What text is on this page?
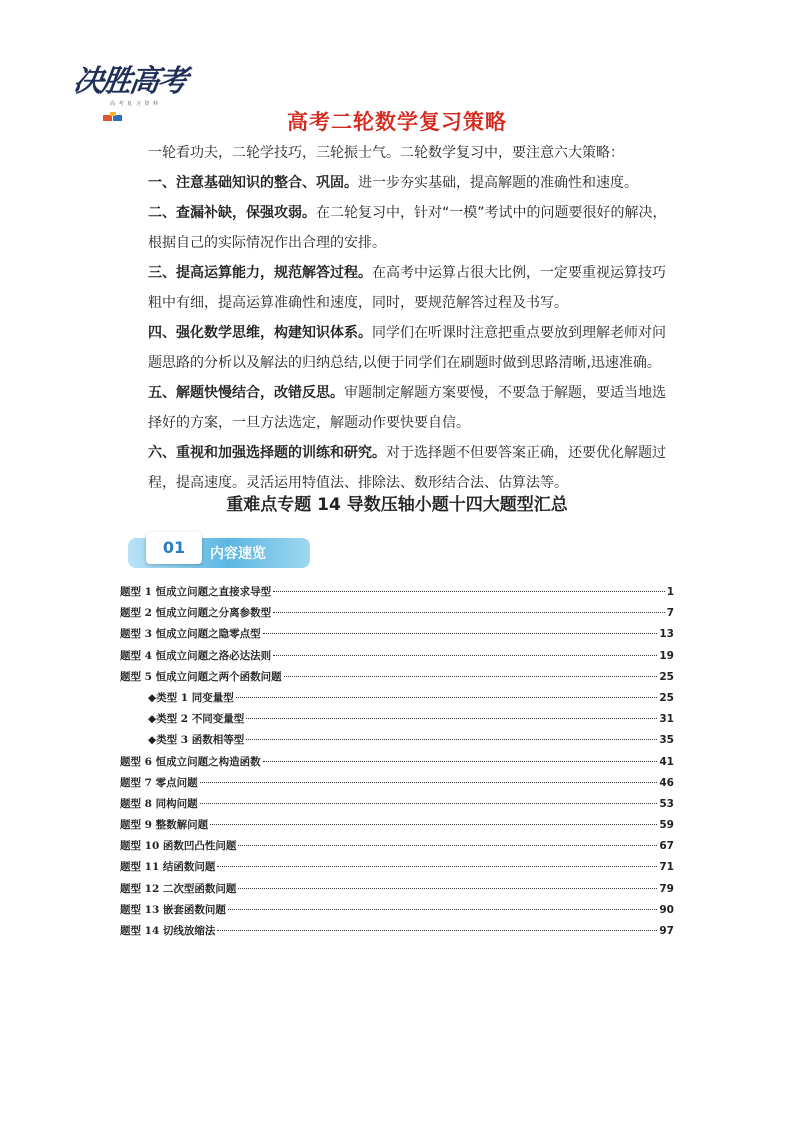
决胜高考
高 考 复 习 资 料
高考二轮数学复习策略
一轮看功夫，二轮学技巧，三轮振士气。二轮数学复习中，要注意六大策略：
一、注意基础知识的整合、巩固。进一步夯实基础，提高解题的准确性和速度。
二、查漏补缺，保强攻弱。在二轮复习中，针对“一模”考试中的问题要很好的解决，根据自己的实际情况作出合理的安排。
三、提高运算能力，规范解答过程。在高考中运算占很大比例，一定要重视运算技巧粗中有细，提高运算准确性和速度，同时，要规范解答过程及书写。
四、强化数学思维，构建知识体系。同学们在听课时注意把重点要放到理解老师对问题思路的分析以及解法的归纳总结,以便于同学们在刷题时做到思路清晰,迅速准确。
五、解题快慢结合，改错反思。审题制定解题方案要慢，不要急于解题，要适当地选择好的方案，一旦方法选定，解题动作要快要自信。
六、重视和加强选择题的训练和研究。对于选择题不但要答案正确，还要优化解题过程，提高速度。灵活运用特值法、排除法、数形结合法、估算法等。
重难点专题 14 导数压轴小题十四大题型汇总
01	内容速览
题型 1 恒成立问题之直接求导型	1
题型 2 恒成立问题之分离参数型	7
题型 3 恒成立问题之隐零点型	13
题型 4 恒成立问题之洛必达法则	19
题型 5 恒成立问题之两个函数问题	25
◆类型 1 同变量型	25
◆类型 2 不同变量型	31
◆类型 3 函数相等型	35
题型 6 恒成立问题之构造函数	41
题型 7 零点问题	46
题型 8 同构问题	53
题型 9 整数解问题	59
题型 10 函数凹凸性问题	67
题型 11 结函数问题	71
题型 12 二次型函数问题	79
题型 13 嵌套函数问题	90
题型 14 切线放缩法	97
